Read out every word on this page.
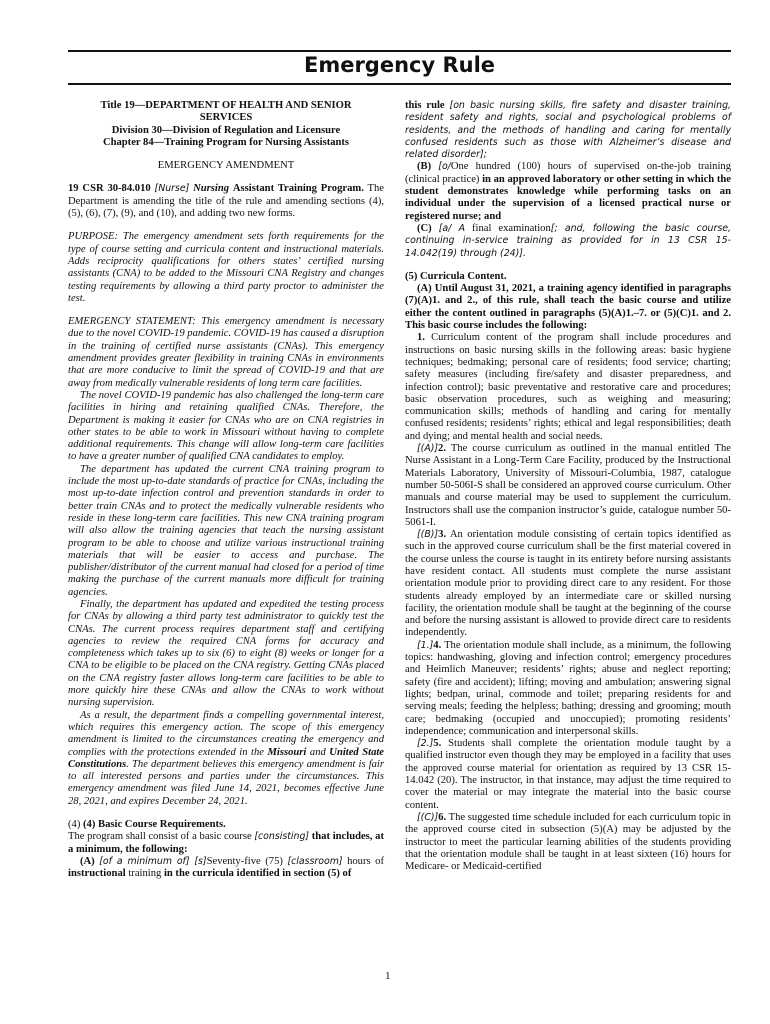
Emergency Rule

Title 19—DEPARTMENT OF HEALTH AND SENIOR

SERVICES

Division 30—Division of Regulation and Licensure

Chapter 84—Training Program for Nursing Assistants

EMERGENCY AMENDMENT

19 CSR 30-84.010 [Nurse] Nursing Assistant Training Program. The Department is amending the title of the rule and amending sections (4), (5), (6), (7), (9), and (10), and adding two new forms.

PURPOSE: The emergency amendment sets forth requirements for the type of course setting and curricula content and instructional materials. Adds reciprocity qualifications for others states’ certified nursing assistants (CNA) to be added to the Missouri CNA Registry and changes testing requirements by allowing a third party proctor to administer the test.

EMERGENCY STATEMENT: This emergency amendment is necessary due to the novel COVID-19 pandemic. COVID-19 has caused a disruption in the training of certified nurse assistants (CNAs). This emergency amendment provides greater flexibility in training CNAs in environments that are more conducive to limit the spread of COVID-19 and that are away from medically vulnerable residents of long term care facilities.

The novel COVID-19 pandemic has also challenged the long-term care facilities in hiring and retaining qualified CNAs. Therefore, the Department is making it easier for CNAs who are on CNA registries in other states to be able to work in Missouri without having to complete additional requirements. This change will allow long-term care facilities to have a greater number of qualified CNA candidates to employ.

The department has updated the current CNA training program to include the most up-to-date standards of practice for CNAs, including the most up-to-date infection control and prevention standards in order to better train CNAs and to protect the medically vulnerable residents who reside in these long-term care facilities. This new CNA training program will also allow the training agencies that teach the nursing assistant program to be able to choose and utilize various instructional training materials that will be easier to access and purchase. The publisher/distributor of the current manual had closed for a period of time making the purchase of the current manuals more difficult for training agencies.

Finally, the department has updated and expedited the testing process for CNAs by allowing a third party test administrator to quickly test the CNAs. The current process requires department staff and certifying agencies to review the required CNA forms for accuracy and completeness which takes up to six (6) to eight (8) weeks or longer for a CNA to be eligible to be placed on the CNA registry. Getting CNAs placed on the CNA registry faster allows long-term care facilities to be able to more quickly hire these CNAs and allow the CNAs to work without nursing supervision.

As a result, the department finds a compelling governmental interest, which requires this emergency action. The scope of this emergency amendment is limited to the circumstances creating the emergency and complies with the protections extended in the Missouri and United State Constitutions. The department believes this emergency amendment is fair to all interested persons and parties under the circumstances. This emergency amendment was filed June 14, 2021, becomes effective June 28, 2021, and expires December 24, 2021.

(4) (4) Basic Course Requirements.

The program shall consist of a basic course [consisting] that includes, at a minimum, the following:

(A) [of a minimum of] [s]Seventy-five (75) [classroom] hours of instructional training in the curricula identified in section (5) of

this rule [on basic nursing skills, fire safety and disaster training, resident safety and rights, social and psychological problems of residents, and the methods of handling and caring for mentally confused residents such as those with Alzheimer’s disease and related disorder];

(B) [o/One hundred (100) hours of supervised on-the-job training (clinical practice) in an approved laboratory or other setting in which the student demonstrates knowledge while performing tasks on an individual under the supervision of a licensed practical nurse or registered nurse; and

(C) [a/ A final examination[; and, following the basic course, continuing in-service training as provided for in 13 CSR 15-14.042(19) through (24)].

(5) Curricula Content.

(A) Until August 31, 2021, a training agency identified in paragraphs (7)(A)1. and 2., of this rule, shall teach the basic course and utilize either the content outlined in paragraphs (5)(A)1.–7. or (5)(C)1. and 2. This basic course includes the following:

1. Curriculum content of the program shall include procedures and instructions on basic nursing skills in the following areas: basic hygiene techniques; bedmaking; personal care of residents; food service; charting; safety measures (including fire/safety and disaster preparedness, and infection control); basic preventative and restorative care and procedures; basic observation procedures, such as weighing and measuring; communication skills; methods of handling and caring for mentally confused residents; residents’ rights; ethical and legal responsibilities; death and dying; and mental health and social needs.

[(A)]2. The course curriculum as outlined in the manual entitled The Nurse Assistant in a Long-Term Care Facility, produced by the Instructional Materials Laboratory, University of Missouri-Columbia, 1987, catalogue number 50-506I-S shall be considered an approved course curriculum. Other manuals and course material may be used to supplement the curriculum. Instructors shall use the companion instructor’s guide, catalogue number 50-5061-I.

[(B)]3. An orientation module consisting of certain topics identified as such in the approved course curriculum shall be the first material covered in the course unless the course is taught in its entirety before nursing assistants have resident contact. All students must complete the nurse assistant orientation module prior to providing direct care to any resident. For those students already employed by an intermediate care or skilled nursing facility, the orientation module shall be taught at the beginning of the course and before the nursing assistant is allowed to provide direct care to residents independently.

[1.]4. The orientation module shall include, as a minimum, the following topics: handwashing, gloving and infection control; emergency procedures and Heimlich Maneuver; residents’ rights; abuse and neglect reporting; safety (fire and accident); lifting; moving and ambulation; answering signal lights; bedpan, urinal, commode and toilet; preparing residents for and serving meals; feeding the helpless; bathing; dressing and grooming; mouth care; bedmaking (occupied and unoccupied); promoting residents’ independence; communication and interpersonal skills.

[2.]5. Students shall complete the orientation module taught by a qualified instructor even though they may be employed in a facility that uses the approved course material for orientation as required by 13 CSR 15-14.042 (20). The instructor, in that instance, may adjust the time required to cover the material or may integrate the material into the basic course content.

[(C)]6. The suggested time schedule included for each curriculum topic in the approved course cited in subsection (5)(A) may be adjusted by the instructor to meet the particular learning abilities of the students providing that the orientation module shall be taught in at least sixteen (16) hours for Medicare- or Medicaid-certified

1
